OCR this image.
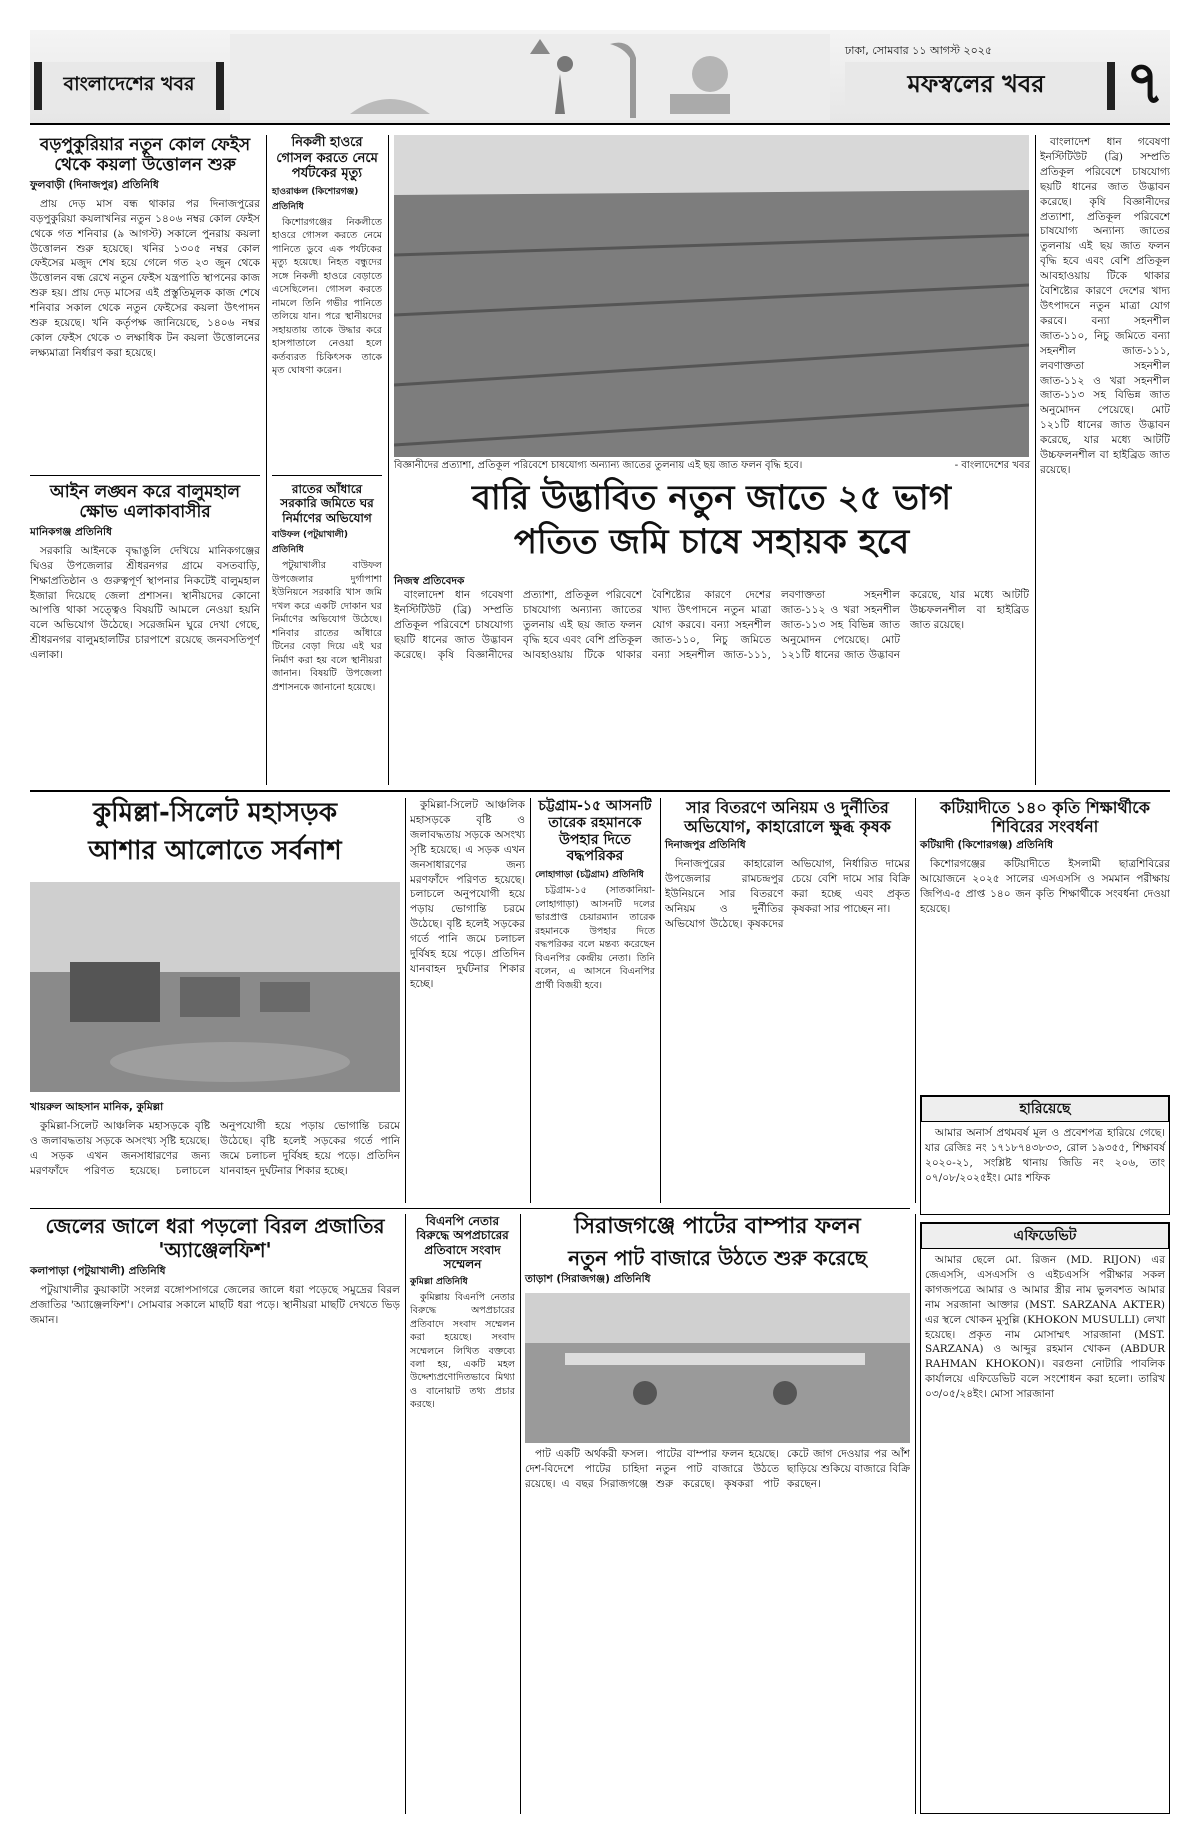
বাংলাদেশের খবর
ঢাকা, সোমবার ১১ আগস্ট ২০২৫
মফস্বলের খবর	৭
বড়পুকুরিয়ার নতুন কোল ফেইস থেকে কয়লা উত্তোলন শুরু
ফুলবাড়ী (দিনাজপুর) প্রতিনিধি

প্রায় দেড় মাস বন্ধ থাকার পর দিনাজপুরের বড়পুকুরিয়া কয়লাখনির নতুন ১৪০৬ নম্বর কোল ফেইস থেকে গত শনিবার (৯ আগস্ট) সকালে পুনরায় কয়লা উত্তোলন শুরু হয়েছে। খনির ১৩০৫ নম্বর কোল ফেইসের মজুদ শেষ হয়ে গেলে গত ২৩ জুন থেকে উত্তোলন বন্ধ রেখে নতুন ফেইস যন্ত্রপাতি স্থাপনের কাজ শুরু হয়। প্রায় দেড় মাসের এই প্রস্তুতিমূলক কাজ শেষে শনিবার সকাল থেকে নতুন ফেইসের কয়লা উৎপাদন শুরু হয়েছে। খনি কর্তৃপক্ষ জানিয়েছে, ১৪০৬ নম্বর কোল ফেইস থেকে ৩ লক্ষাধিক টন কয়লা উত্তোলনের লক্ষ্যমাত্রা নির্ধারণ করা হয়েছে।

আইন লঙ্ঘন করে বালুমহাল ক্ষোভ এলাকাবাসীর
মানিকগঞ্জ প্রতিনিধি

সরকারি আইনকে বৃদ্ধাঙুলি দেখিয়ে মানিকগঞ্জের ঘিওর উপজেলার শ্রীধরনগর গ্রামে বসতবাড়ি, শিক্ষাপ্রতিষ্ঠান ও গুরুত্বপূর্ণ স্থাপনার নিকটেই বালুমহাল ইজারা দিয়েছে জেলা প্রশাসন। স্থানীয়দের কোনো আপত্তি থাকা সত্ত্বেও বিষয়টি আমলে নেওয়া হয়নি বলে অভিযোগ উঠেছে। সরেজমিন ঘুরে দেখা গেছে, শ্রীধরনগর বালুমহালটির চারপাশে রয়েছে জনবসতিপূর্ণ এলাকা।

নিকলী হাওরে গোসল করতে নেমে পর্যটকের মৃত্যু
হাওরাঞ্চল (কিশোরগঞ্জ) প্রতিনিধি

কিশোরগঞ্জের নিকলীতে হাওরে গোসল করতে নেমে পানিতে ডুবে এক পর্যটকের মৃত্যু হয়েছে। নিহত বন্ধুদের সঙ্গে নিকলী হাওরে বেড়াতে এসেছিলেন। গোসল করতে নামলে তিনি গভীর পানিতে তলিয়ে যান। পরে স্থানীয়দের সহায়তায় তাকে উদ্ধার করে হাসপাতালে নেওয়া হলে কর্তব্যরত চিকিৎসক তাকে মৃত ঘোষণা করেন।

রাতের আঁধারে সরকারি জমিতে ঘর নির্মাণের অভিযোগ
বাউফল (পটুয়াখালী) প্রতিনিধি

পটুয়াখালীর বাউফল উপজেলার দুর্গাপাশা ইউনিয়নে সরকারি খাস জমি দখল করে একটি দোকান ঘর নির্মাণের অভিযোগ উঠেছে। শনিবার রাতের আঁধারে টিনের বেড়া দিয়ে এই ঘর নির্মাণ করা হয় বলে স্থানীয়রা জানান। বিষয়টি উপজেলা প্রশাসনকে জানানো হয়েছে।

বিজ্ঞানীদের প্রত্যাশা, প্রতিকূল পরিবেশে চাষযোগ্য অন্যান্য জাতের তুলনায় এই ছয় জাত ফলন বৃদ্ধি হবে।	- বাংলাদেশের খবর
বারি উদ্ভাবিত নতুন জাতে ২৫ ভাগ
পতিত জমি চাষে সহায়ক হবে
নিজস্ব প্রতিবেদক

বাংলাদেশ ধান গবেষণা ইনস্টিটিউট (ব্রি) সম্প্রতি প্রতিকূল পরিবেশে চাষযোগ্য ছয়টি ধানের জাত উদ্ভাবন করেছে। কৃষি বিজ্ঞানীদের প্রত্যাশা, প্রতিকূল পরিবেশে চাষযোগ্য অন্যান্য জাতের তুলনায় এই ছয় জাত ফলন বৃদ্ধি হবে এবং বেশি প্রতিকূল আবহাওয়ায় টিকে থাকার বৈশিষ্ট্যের কারণে দেশের খাদ্য উৎপাদনে নতুন মাত্রা যোগ করবে। বন্যা সহনশীল জাত-১১০, নিচু জমিতে বন্যা সহনশীল জাত-১১১, লবণাক্ততা সহনশীল জাত-১১২ ও খরা সহনশীল জাত-১১৩ সহ বিভিন্ন জাত অনুমোদন পেয়েছে। মোট ১২১টি ধানের জাত উদ্ভাবন করেছে, যার মধ্যে আটটি উচ্চফলনশীল বা হাইব্রিড জাত রয়েছে।

বাংলাদেশ ধান গবেষণা ইনস্টিটিউট (ব্রি) সম্প্রতি প্রতিকূল পরিবেশে চাষযোগ্য ছয়টি ধানের জাত উদ্ভাবন করেছে। কৃষি বিজ্ঞানীদের প্রত্যাশা, প্রতিকূল পরিবেশে চাষযোগ্য অন্যান্য জাতের তুলনায় এই ছয় জাত ফলন বৃদ্ধি হবে এবং বেশি প্রতিকূল আবহাওয়ায় টিকে থাকার বৈশিষ্ট্যের কারণে দেশের খাদ্য উৎপাদনে নতুন মাত্রা যোগ করবে। বন্যা সহনশীল জাত-১১০, নিচু জমিতে বন্যা সহনশীল জাত-১১১, লবণাক্ততা সহনশীল জাত-১১২ ও খরা সহনশীল জাত-১১৩ সহ বিভিন্ন জাত অনুমোদন পেয়েছে। মোট ১২১টি ধানের জাত উদ্ভাবন করেছে, যার মধ্যে আটটি উচ্চফলনশীল বা হাইব্রিড জাত রয়েছে।

কুমিল্লা-সিলেট মহাসড়ক
আশার আলোতে সর্বনাশ
খায়রুল আহসান মানিক, কুমিল্লা

কুমিল্লা-সিলেট আঞ্চলিক মহাসড়কে বৃষ্টি ও জলাবদ্ধতায় সড়কে অসংখ্য সৃষ্টি হয়েছে। এ সড়ক এখন জনসাধারণের জন্য মরণফাঁদে পরিণত হয়েছে। চলাচলে অনুপযোগী হয়ে পড়ায় ভোগান্তি চরমে উঠেছে। বৃষ্টি হলেই সড়কের গর্তে পানি জমে চলাচল দুর্বিষহ হয়ে পড়ে। প্রতিদিন যানবাহন দুর্ঘটনার শিকার হচ্ছে।

কুমিল্লা-সিলেট আঞ্চলিক মহাসড়কে বৃষ্টি ও জলাবদ্ধতায় সড়কে অসংখ্য সৃষ্টি হয়েছে। এ সড়ক এখন জনসাধারণের জন্য মরণফাঁদে পরিণত হয়েছে। চলাচলে অনুপযোগী হয়ে পড়ায় ভোগান্তি চরমে উঠেছে। বৃষ্টি হলেই সড়কের গর্তে পানি জমে চলাচল দুর্বিষহ হয়ে পড়ে। প্রতিদিন যানবাহন দুর্ঘটনার শিকার হচ্ছে।

চট্টগ্রাম-১৫ আসনটি তারেক রহমানকে উপহার দিতে বদ্ধপরিকর
লোহাগাড়া (চট্টগ্রাম) প্রতিনিধি

চট্টগ্রাম-১৫ (সাতকানিয়া-লোহাগাড়া) আসনটি দলের ভারপ্রাপ্ত চেয়ারম্যান তারেক রহমানকে উপহার দিতে বদ্ধপরিকর বলে মন্তব্য করেছেন বিএনপির কেন্দ্রীয় নেতা। তিনি বলেন, এ আসনে বিএনপির প্রার্থী বিজয়ী হবে।

সার বিতরণে অনিয়ম ও দুর্নীতির অভিযোগ, কাহারোলে ক্ষুব্ধ কৃষক
দিনাজপুর প্রতিনিধি

দিনাজপুরের কাহারোল উপজেলার রামচন্দ্রপুর ইউনিয়নে সার বিতরণে অনিয়ম ও দুর্নীতির অভিযোগ উঠেছে। কৃষকদের অভিযোগ, নির্ধারিত দামের চেয়ে বেশি দামে সার বিক্রি করা হচ্ছে এবং প্রকৃত কৃষকরা সার পাচ্ছেন না।

কটিয়াদীতে ১৪০ কৃতি শিক্ষার্থীকে শিবিরের সংবর্ধনা
কটিয়াদী (কিশোরগঞ্জ) প্রতিনিধি

কিশোরগঞ্জের কটিয়াদীতে ইসলামী ছাত্রশিবিরের আয়োজনে ২০২৫ সালের এসএসসি ও সমমান পরীক্ষায় জিপিএ-৫ প্রাপ্ত ১৪০ জন কৃতি শিক্ষার্থীকে সংবর্ধনা দেওয়া হয়েছে।

হারিয়েছে

আমার অনার্স প্রথমবর্ষ মূল ও প্রবেশপত্র হারিয়ে গেছে। যার রেজিঃ নং ১৭১৮৭৪৩৮৩৩, রোল ১৯৩৫৫, শিক্ষাবর্ষ ২০২০-২১, সংশ্লিষ্ট থানায় জিডি নং ২০৬, তাং ০৭/০৮/২০২৫ইং। মোঃ শফিক

জেলের জালে ধরা পড়লো বিরল প্রজাতির 'অ্যাঞ্জেলফিশ'
কলাপাড়া (পটুয়াখালী) প্রতিনিধি

পটুয়াখালীর কুয়াকাটা সংলগ্ন বঙ্গোপসাগরে জেলের জালে ধরা পড়েছে সমুদ্রের বিরল প্রজাতির 'অ্যাঞ্জেলফিশ'। সোমবার সকালে মাছটি ধরা পড়ে। স্থানীয়রা মাছটি দেখতে ভিড় জমান।

বিএনপি নেতার বিরুদ্ধে অপপ্রচারের প্রতিবাদে সংবাদ সম্মেলন
কুমিল্লা প্রতিনিধি

কুমিল্লায় বিএনপি নেতার বিরুদ্ধে অপপ্রচারের প্রতিবাদে সংবাদ সম্মেলন করা হয়েছে। সংবাদ সম্মেলনে লিখিত বক্তব্যে বলা হয়, একটি মহল উদ্দেশ্যপ্রণোদিতভাবে মিথ্যা ও বানোয়াট তথ্য প্রচার করছে।

সিরাজগঞ্জে পাটের বাম্পার ফলন
নতুন পাট বাজারে উঠতে শুরু করেছে
তাড়াশ (সিরাজগঞ্জ) প্রতিনিধি

পাট একটি অর্থকরী ফসল। দেশ-বিদেশে পাটের চাহিদা রয়েছে। এ বছর সিরাজগঞ্জে পাটের বাম্পার ফলন হয়েছে। নতুন পাট বাজারে উঠতে শুরু করেছে। কৃষকরা পাট কেটে জাগ দেওয়ার পর আঁশ ছাড়িয়ে শুকিয়ে বাজারে বিক্রি করছেন।

এফিডেভিট

আমার ছেলে মো. রিজন (MD. RIJON) এর জেএসসি, এসএসসি ও এইচএসসি পরীক্ষার সকল কাগজপত্রে আমার ও আমার স্ত্রীর নাম ভুলবশত আমার নাম সরজানা আক্তার (MST. SARZANA AKTER) এর স্থলে খোকন মুসুল্লি (KHOKON MUSULLI) লেখা হয়েছে। প্রকৃত নাম মোসাম্মৎ সারজানা (MST. SARZANA) ও আব্দুর রহমান খোকন (ABDUR RAHMAN KHOKON)। বরগুনা নোটারি পাবলিক কার্যালয়ে এফিডেভিট বলে সংশোধন করা হলো। তারিখ ০৩/০৫/২৪ইং। মোসা সারজানা
